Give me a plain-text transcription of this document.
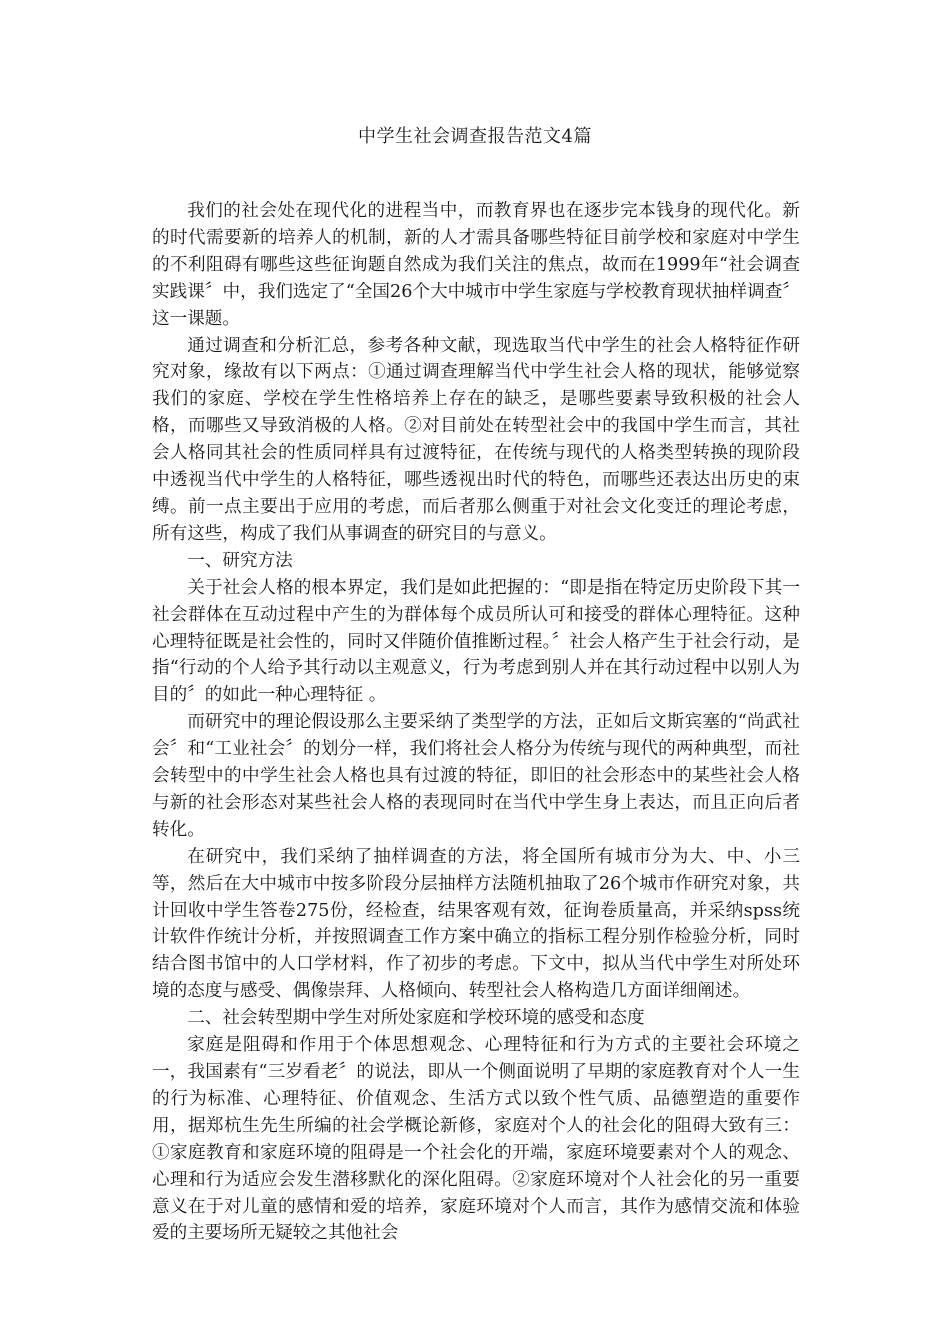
中学生社会调查报告范文4篇

我们的社会处在现代化的进程当中，而教育界也在逐步完本钱身的现代化。新的时代需要新的培养人的机制，新的人才需具备哪些特征目前学校和家庭对中学生的不利阻碍有哪些这些征询题自然成为我们关注的焦点，故而在1999年“社会调查实践课〞中，我们选定了“全国26个大中城市中学生家庭与学校教育现状抽样调查〞这一课题。

通过调查和分析汇总，参考各种文献，现选取当代中学生的社会人格特征作研究对象，缘故有以下两点：①通过调查理解当代中学生社会人格的现状，能够觉察我们的家庭、学校在学生性格培养上存在的缺乏，是哪些要素导致积极的社会人格，而哪些又导致消极的人格。②对目前处在转型社会中的我国中学生而言，其社会人格同其社会的性质同样具有过渡特征，在传统与现代的人格类型转换的现阶段中透视当代中学生的人格特征，哪些透视出时代的特色，而哪些还表达出历史的束缚。前一点主要出于应用的考虑，而后者那么侧重于对社会文化变迁的理论考虑，所有这些，构成了我们从事调查的研究目的与意义。

一、研究方法

关于社会人格的根本界定，我们是如此把握的：“即是指在特定历史阶段下其一社会群体在互动过程中产生的为群体每个成员所认可和接受的群体心理特征。这种心理特征既是社会性的，同时又伴随价值推断过程。〞社会人格产生于社会行动，是指“行动的个人给予其行动以主观意义，行为考虑到别人并在其行动过程中以别人为目的〞的如此一种心理特征 。

而研究中的理论假设那么主要采纳了类型学的方法，正如后文斯宾塞的“尚武社会〞和“工业社会〞的划分一样，我们将社会人格分为传统与现代的两种典型，而社会转型中的中学生社会人格也具有过渡的特征，即旧的社会形态中的某些社会人格与新的社会形态对某些社会人格的表现同时在当代中学生身上表达，而且正向后者转化。

在研究中，我们采纳了抽样调查的方法，将全国所有城市分为大、中、小三等，然后在大中城市中按多阶段分层抽样方法随机抽取了26个城市作研究对象，共计回收中学生答卷275份，经检查，结果客观有效，征询卷质量高，并采纳spss统计软件作统计分析，并按照调查工作方案中确立的指标工程分别作检验分析，同时结合图书馆中的人口学材料，作了初步的考虑。下文中，拟从当代中学生对所处环境的态度与感受、偶像崇拜、人格倾向、转型社会人格构造几方面详细阐述。

二、社会转型期中学生对所处家庭和学校环境的感受和态度

家庭是阻碍和作用于个体思想观念、心理特征和行为方式的主要社会环境之一，我国素有“三岁看老〞的说法，即从一个侧面说明了早期的家庭教育对个人一生的行为标准、心理特征、价值观念、生活方式以致个性气质、品德塑造的重要作用，据郑杭生先生所编的社会学概论新修，家庭对个人的社会化的阻碍大致有三：①家庭教育和家庭环境的阻碍是一个社会化的开端，家庭环境要素对个人的观念、心理和行为适应会发生潜移默化的深化阻碍。②家庭环境对个人社会化的另一重要意义在于对儿童的感情和爱的培养，家庭环境对个人而言，其作为感情交流和体验爱的主要场所无疑较之其他社会
